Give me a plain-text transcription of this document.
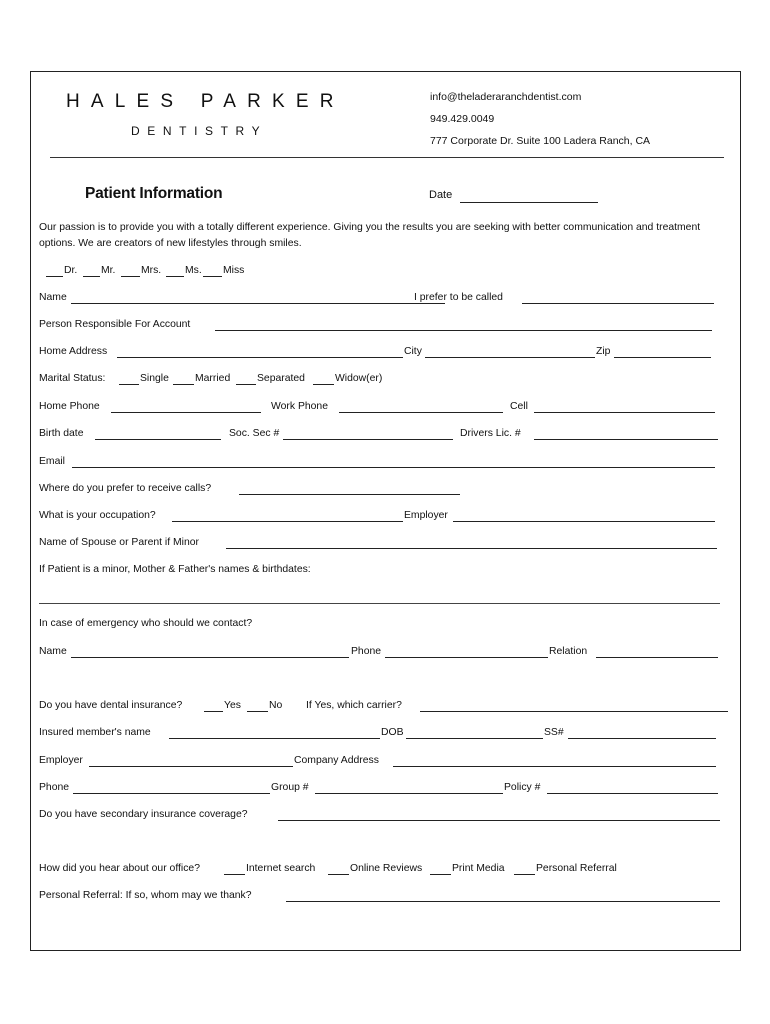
HALES PARKER
DENTISTRY
info@theladeraranchdentist.com
949.429.0049
777 Corporate Dr. Suite 100 Ladera Ranch, CA
Patient Information	Date
Our passion is to provide you with a totally different experience. Giving you the results you are seeking with better communication and treatment options. We are creators of new lifestyles through smiles.
Dr. Mr. Mrs. Ms. Miss
Name	I prefer to be called
Person Responsible For Account
Home Address	City	Zip
Marital Status:	Single	Married	Separated	Widow(er)
Home Phone	Work Phone	Cell
Birth date	Soc. Sec #	Drivers Lic. #
Email
Where do you prefer to receive calls?
What is your occupation?	Employer
Name of Spouse or Parent if Minor
If Patient is a minor, Mother & Father's names & birthdates:
In case of emergency who should we contact?
Name	Phone	Relation
Do you have dental insurance?	Yes	No If Yes, which carrier?
Insured member's name	DOB	SS#
Employer	Company Address
Phone	Group #	Policy #
Do you have secondary insurance coverage?
How did you hear about our office?	Internet search	Online Reviews	Print Media	Personal Referral
Personal Referral: If so, whom may we thank?
